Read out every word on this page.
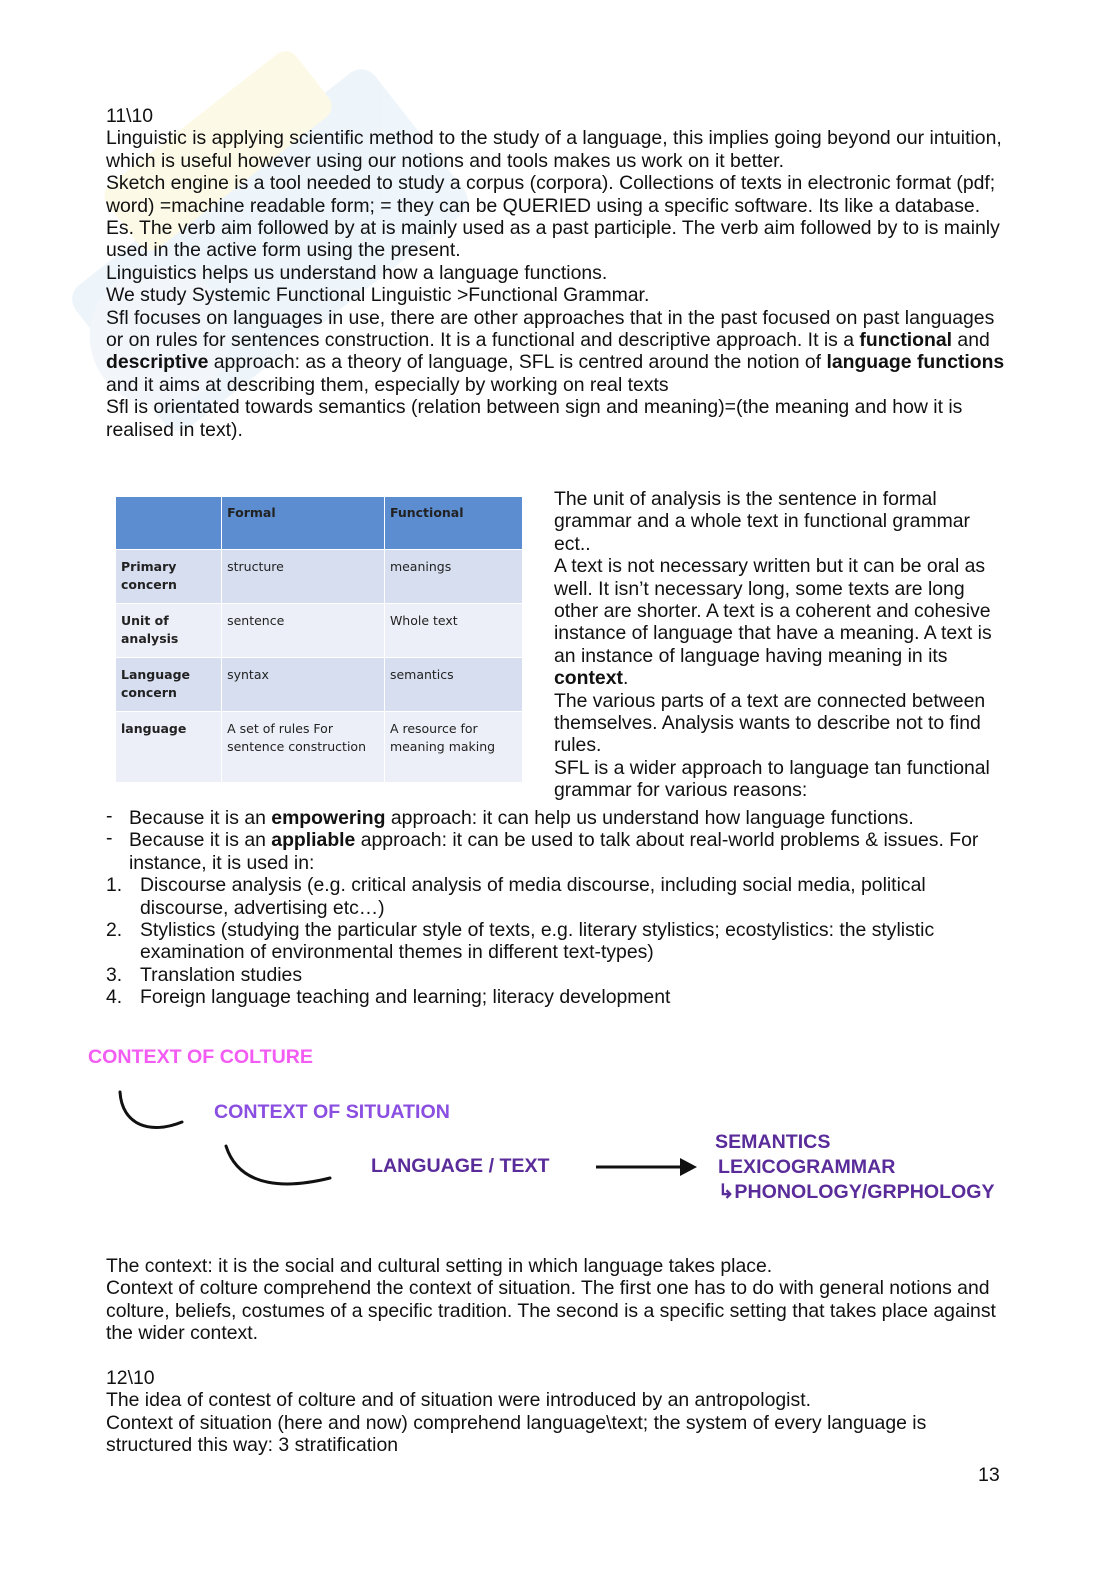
11\10

Linguistic is applying scientific method to the study of a language, this implies going beyond our intuition, which is useful however using our notions and tools makes us work on it better.

Sketch engine is a tool needed to study a corpus (corpora). Collections of texts in electronic format (pdf; word) =machine readable form; = they can be QUERIED using a specific software. Its like a database.

Es. The verb aim followed by at is mainly used as a past participle. The verb aim followed by to is mainly used in the active form using the present.

Linguistics helps us understand how a language functions.

We study Systemic Functional Linguistic >Functional Grammar.

Sfl focuses on languages in use, there are other approaches that in the past focused on past languages or on rules for sentences construction. It is a functional and descriptive approach. It is a functional and descriptive approach: as a theory of language, SFL is centred around the notion of language functions and it aims at describing them, especially by working on real texts

Sfl is orientated towards semantics (relation between sign and meaning)=(the meaning and how it is realised in text).

	Formal	Functional
Primary concern	structure	meanings
Unit of analysis	sentence	Whole text
Language concern	syntax	semantics
language	A set of rules For sentence construction	A resource for meaning making

The unit of analysis is the sentence in formal grammar and a whole text in functional grammar ect..

A text is not necessary written but it can be oral as well. It isn’t necessary long, some texts are long other are shorter. A text is a coherent and cohesive instance of language that have a meaning. A text is an instance of language having meaning in its context.

The various parts of a text are connected between themselves. Analysis wants to describe not to find rules.

SFL is a wider approach to language tan functional grammar for various reasons:

- Because it is an empowering approach: it can help us understand how language functions.

- Because it is an appliable approach: it can be used to talk about real-world problems & issues. For instance, it is used in:

1. Discourse analysis (e.g. critical analysis of media discourse, including social media, political discourse, advertising etc…)

2. Stylistics (studying the particular style of texts, e.g. literary stylistics; ecostylistics: the stylistic examination of environmental themes in different text-types)

3. Translation studies

4. Foreign language teaching and learning; literacy development

CONTEXT OF COLTURE
CONTEXT OF SITUATION
LANGUAGE / TEXT
SEMANTICS
LEXICOGRAMMAR
↳PHONOLOGY/GRPHOLOGY

The context: it is the social and cultural setting in which language takes place.

Context of colture comprehend the context of situation. The first one has to do with general notions and colture, beliefs, costumes of a specific tradition. The second is a specific setting that takes place against the wider context.

12\10

The idea of contest of colture and of situation were introduced by an antropologist.

Context of situation (here and now) comprehend language\text; the system of every language is structured this way: 3 stratification

13
